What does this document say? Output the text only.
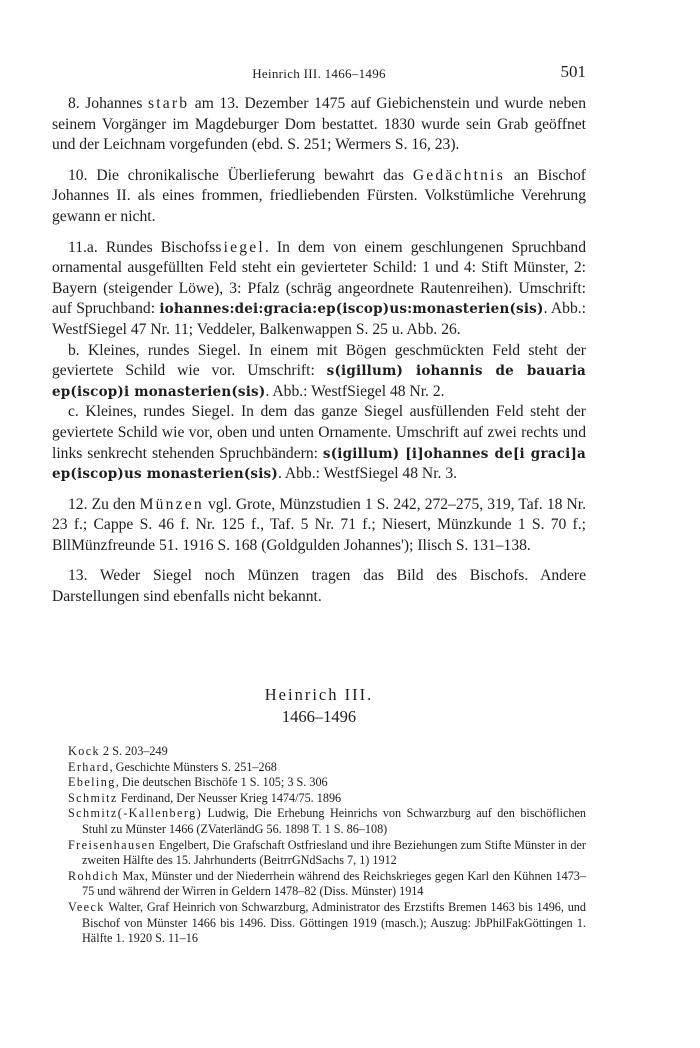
Heinrich III. 1466–1496	501

8. Johannes starb am 13. Dezember 1475 auf Giebichenstein und wurde neben seinem Vorgänger im Magdeburger Dom bestattet. 1830 wurde sein Grab geöffnet und der Leichnam vorgefunden (ebd. S. 251; Wermers S. 16, 23).

10. Die chronikalische Überlieferung bewahrt das Gedächtnis an Bischof Johannes II. als eines frommen, friedliebenden Fürsten. Volkstümliche Verehrung gewann er nicht.

11.a. Rundes Bischofssiegel. In dem von einem geschlungenen Spruchband ornamental ausgefüllten Feld steht ein gevierteter Schild: 1 und 4: Stift Münster, 2: Bayern (steigender Löwe), 3: Pfalz (schräg angeordnete Rautenreihen). Umschrift: auf Spruchband: iohannes:dei:gracia:ep(iscop)us:monasterien(sis). Abb.: WestfSiegel 47 Nr. 11; Veddeler, Balkenwappen S. 25 u. Abb. 26.

b. Kleines, rundes Siegel. In einem mit Bögen geschmückten Feld steht der geviertete Schild wie vor. Umschrift: s(igillum) iohannis de bauaria ep(iscop)i monasterien(sis). Abb.: WestfSiegel 48 Nr. 2.

c. Kleines, rundes Siegel. In dem das ganze Siegel ausfüllenden Feld steht der geviertete Schild wie vor, oben und unten Ornamente. Umschrift auf zwei rechts und links senkrecht stehenden Spruchbändern: s(igillum) [i]ohannes de[i graci]a ep(iscop)us monasterien(sis). Abb.: WestfSiegel 48 Nr. 3.

12. Zu den Münzen vgl. Grote, Münzstudien 1 S. 242, 272–275, 319, Taf. 18 Nr. 23 f.; Cappe S. 46 f. Nr. 125 f., Taf. 5 Nr. 71 f.; Niesert, Münzkunde 1 S. 70 f.; BllMünzfreunde 51. 1916 S. 168 (Goldgulden Johannes'); Ilisch S. 131–138.

13. Weder Siegel noch Münzen tragen das Bild des Bischofs. Andere Darstellungen sind ebenfalls nicht bekannt.

Heinrich III.
1466–1496

Kock 2 S. 203–249

Erhard, Geschichte Münsters S. 251–268

Ebeling, Die deutschen Bischöfe 1 S. 105; 3 S. 306

Schmitz Ferdinand, Der Neusser Krieg 1474/75. 1896

Schmitz(-Kallenberg) Ludwig, Die Erhebung Heinrichs von Schwarzburg auf den bischöflichen Stuhl zu Münster 1466 (ZVaterländG 56. 1898 T. 1 S. 86–108)

Freisenhausen Engelbert, Die Grafschaft Ostfriesland und ihre Beziehungen zum Stifte Münster in der zweiten Hälfte des 15. Jahrhunderts (BeitrrGNdSachs 7, 1) 1912

Rohdich Max, Münster und der Niederrhein während des Reichskrieges gegen Karl den Kühnen 1473–75 und während der Wirren in Geldern 1478–82 (Diss. Münster) 1914

Veeck Walter, Graf Heinrich von Schwarzburg, Administrator des Erzstifts Bremen 1463 bis 1496, und Bischof von Münster 1466 bis 1496. Diss. Göttingen 1919 (masch.); Auszug: JbPhilFakGöttingen 1. Hälfte 1. 1920 S. 11–16
